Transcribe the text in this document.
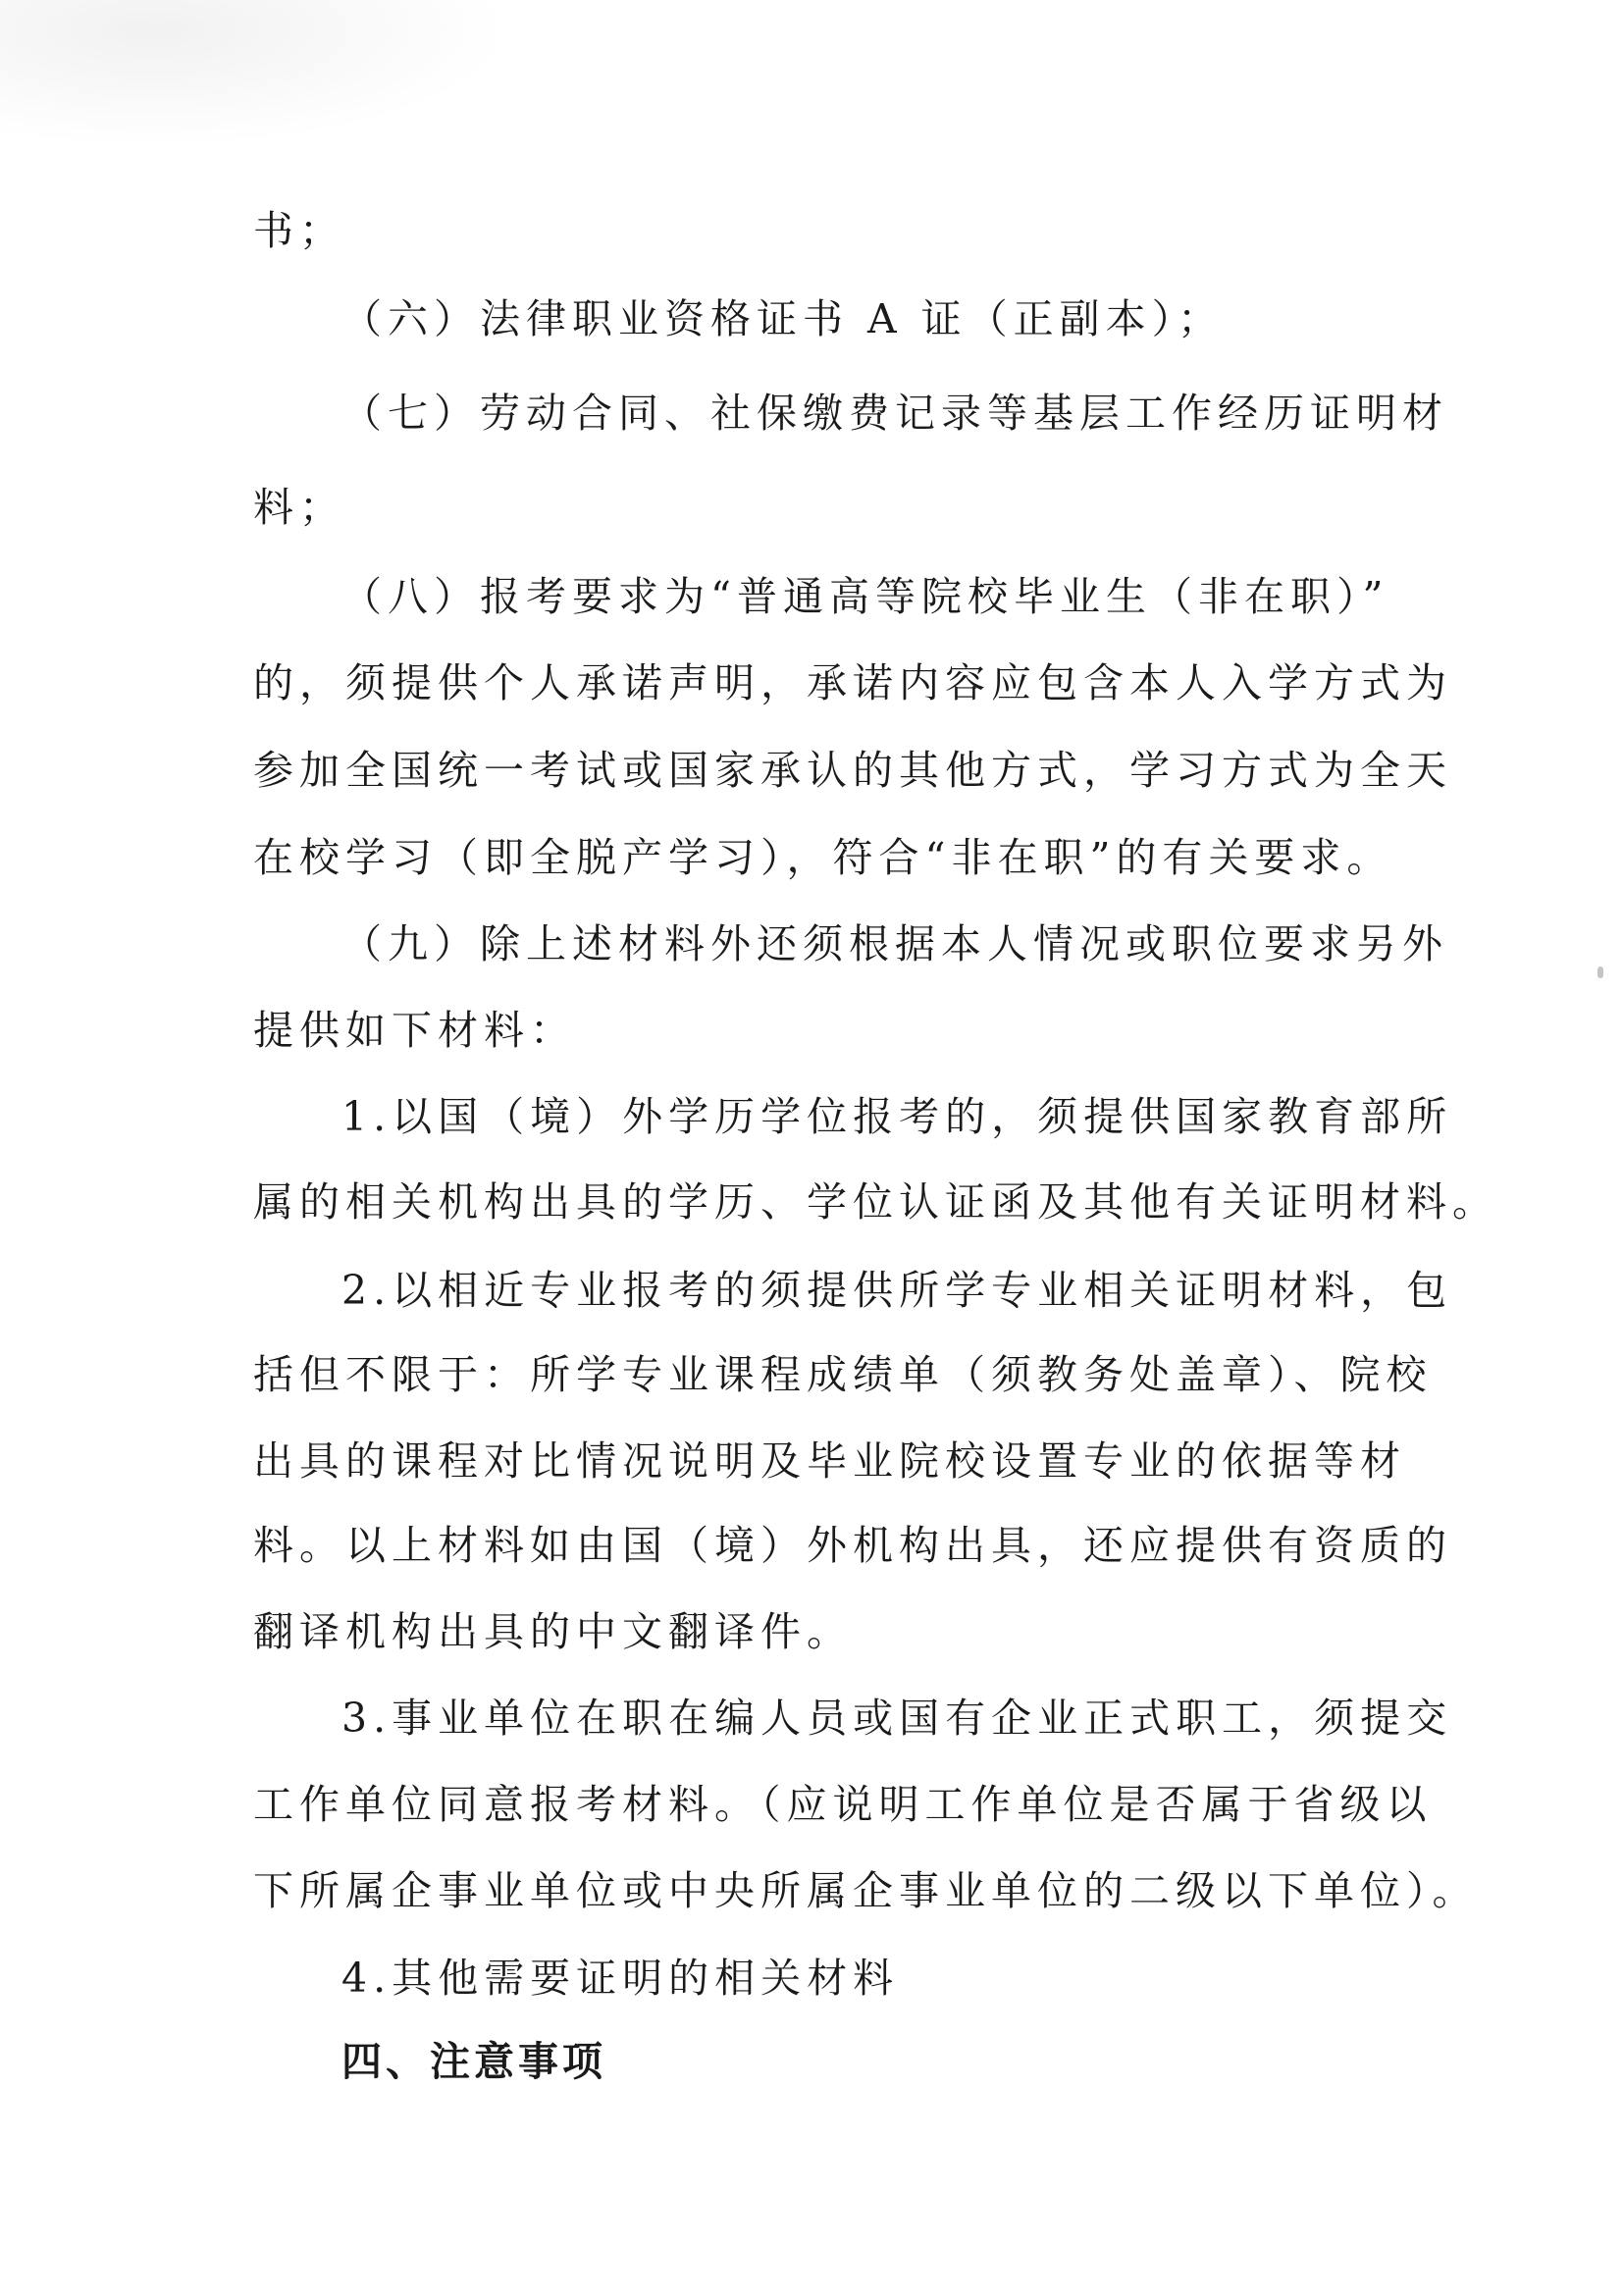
书；
（六）法律职业资格证书 A 证（正副本）；
（七）劳动合同、社保缴费记录等基层工作经历证明材
料；
（八）报考要求为“普通高等院校毕业生（非在职）”
的，须提供个人承诺声明，承诺内容应包含本人入学方式为
参加全国统一考试或国家承认的其他方式，学习方式为全天
在校学习（即全脱产学习），符合“非在职”的有关要求。
（九）除上述材料外还须根据本人情况或职位要求另外
提供如下材料：
1.以国（境）外学历学位报考的，须提供国家教育部所
属的相关机构出具的学历、学位认证函及其他有关证明材料。
2.以相近专业报考的须提供所学专业相关证明材料，包
括但不限于：所学专业课程成绩单（须教务处盖章）、院校
出具的课程对比情况说明及毕业院校设置专业的依据等材
料。以上材料如由国（境）外机构出具，还应提供有资质的
翻译机构出具的中文翻译件。
3.事业单位在职在编人员或国有企业正式职工，须提交
工作单位同意报考材料。（应说明工作单位是否属于省级以
下所属企事业单位或中央所属企事业单位的二级以下单位）。
4.其他需要证明的相关材料
四、注意事项
